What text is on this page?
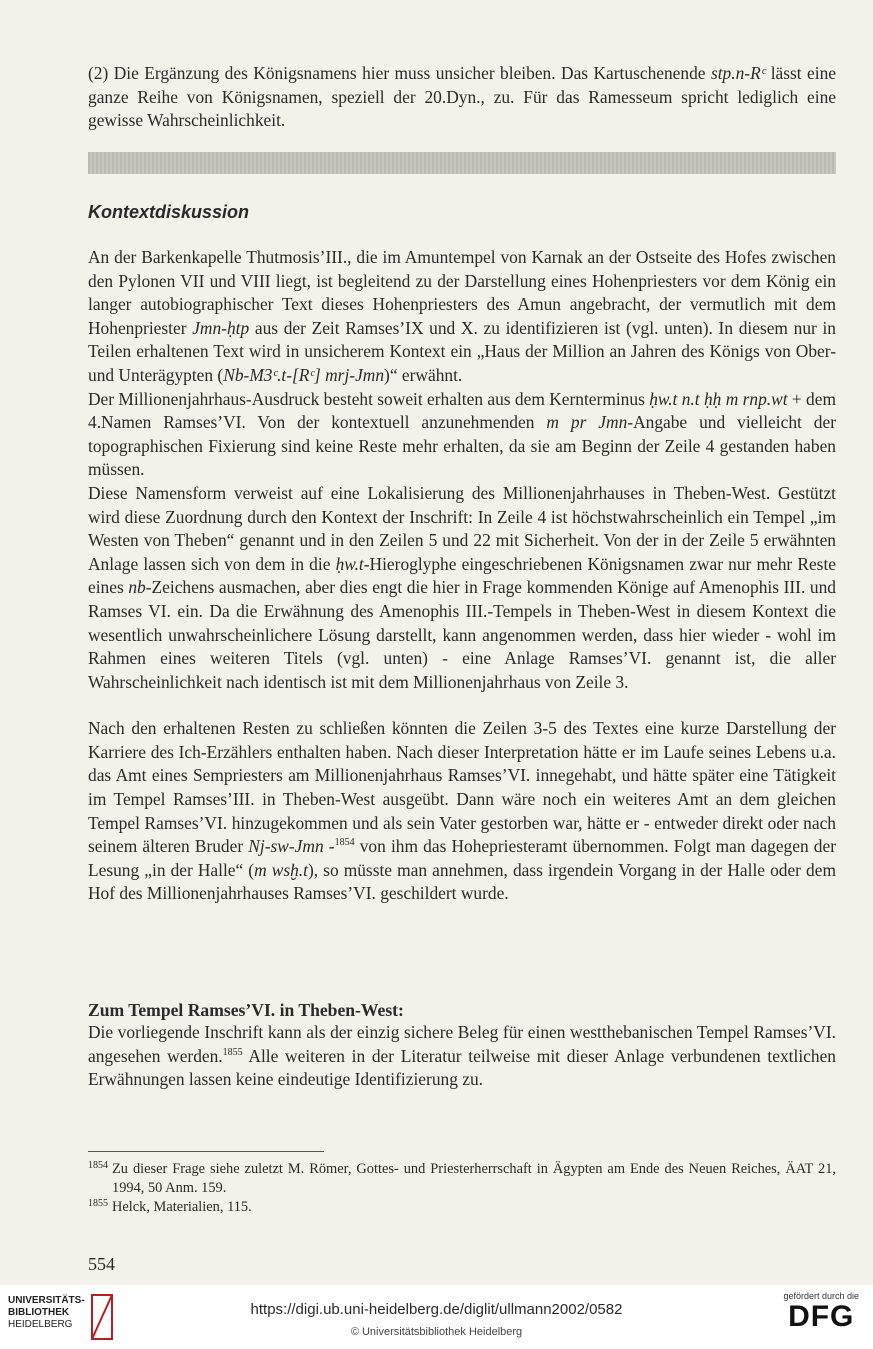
(2) Die Ergänzung des Königsnamens hier muss unsicher bleiben. Das Kartuschenende stp.n-Rᶜ lässt eine ganze Reihe von Königsnamen, speziell der 20.Dyn., zu. Für das Ramesseum spricht lediglich eine gewisse Wahrscheinlichkeit.

Kontextdiskussion

An der Barkenkapelle Thutmosis’III., die im Amuntempel von Karnak an der Ostseite des Hofes zwischen den Pylonen VII und VIII liegt, ist begleitend zu der Darstellung eines Hohenpriesters vor dem König ein langer autobiographischer Text dieses Hohenpriesters des Amun angebracht, der vermutlich mit dem Hohenpriester Jmn-ḥtp aus der Zeit Ramses’IX und X. zu identifizieren ist (vgl. unten). In diesem nur in Teilen erhaltenen Text wird in unsicherem Kontext ein „Haus der Million an Jahren des Königs von Ober- und Unterägypten (Nb-M3ᶜ.t-[Rᶜ] mrj-Jmn)“ erwähnt.

Der Millionenjahrhaus-Ausdruck besteht soweit erhalten aus dem Kernterminus ḥw.t n.t ḥḥ m rnp.wt + dem 4.Namen Ramses’VI. Von der kontextuell anzunehmenden m pr Jmn-Angabe und vielleicht der topographischen Fixierung sind keine Reste mehr erhalten, da sie am Beginn der Zeile 4 gestanden haben müssen.

Diese Namensform verweist auf eine Lokalisierung des Millionenjahrhauses in Theben-West. Gestützt wird diese Zuordnung durch den Kontext der Inschrift: In Zeile 4 ist höchstwahrscheinlich ein Tempel „im Westen von Theben“ genannt und in den Zeilen 5 und 22 mit Sicherheit. Von der in der Zeile 5 erwähnten Anlage lassen sich von dem in die ḥw.t-Hieroglyphe eingeschriebenen Königsnamen zwar nur mehr Reste eines nb-Zeichens ausmachen, aber dies engt die hier in Frage kommenden Könige auf Amenophis III. und Ramses VI. ein. Da die Erwähnung des Amenophis III.-Tempels in Theben-West in diesem Kontext die wesentlich unwahrscheinlichere Lösung darstellt, kann angenommen werden, dass hier wieder - wohl im Rahmen eines weiteren Titels (vgl. unten) - eine Anlage Ramses’VI. genannt ist, die aller Wahrscheinlichkeit nach identisch ist mit dem Millionenjahrhaus von Zeile 3.

Nach den erhaltenen Resten zu schließen könnten die Zeilen 3-5 des Textes eine kurze Darstellung der Karriere des Ich-Erzählers enthalten haben. Nach dieser Interpretation hätte er im Laufe seines Lebens u.a. das Amt eines Sempriesters am Millionenjahrhaus Ramses’VI. innegehabt, und hätte später eine Tätigkeit im Tempel Ramses’III. in Theben-West ausgeübt. Dann wäre noch ein weiteres Amt an dem gleichen Tempel Ramses’VI. hinzugekommen und als sein Vater gestorben war, hätte er - entweder direkt oder nach seinem älteren Bruder Nj-sw-Jmn -$^{1854}$ von ihm das Hohepriesteramt übernommen. Folgt man dagegen der Lesung „in der Halle“ (m wsḫ.t), so müsste man annehmen, dass irgendein Vorgang in der Halle oder dem Hof des Millionenjahrhauses Ramses’VI. geschildert wurde.

Zum Tempel Ramses’VI. in Theben-West:

Die vorliegende Inschrift kann als der einzig sichere Beleg für einen westthebanischen Tempel Ramses’VI. angesehen werden.$^{1855}$ Alle weiteren in der Literatur teilweise mit dieser Anlage verbundenen textlichen Erwähnungen lassen keine eindeutige Identifizierung zu.

1854 Zu dieser Frage siehe zuletzt M. Römer, Gottes- und Priesterherrschaft in Ägypten am Ende des Neuen Reiches, ÄAT 21, 1994, 50 Anm. 159.
1855 Helck, Materialien, 115.
554
UNIVERSITÄTS-
BIBLIOTHEK
HEIDELBERG
https://digi.ub.uni-heidelberg.de/diglit/ullmann2002/0582
© Universitätsbibliothek Heidelberg
gefördert durch die
DFG
